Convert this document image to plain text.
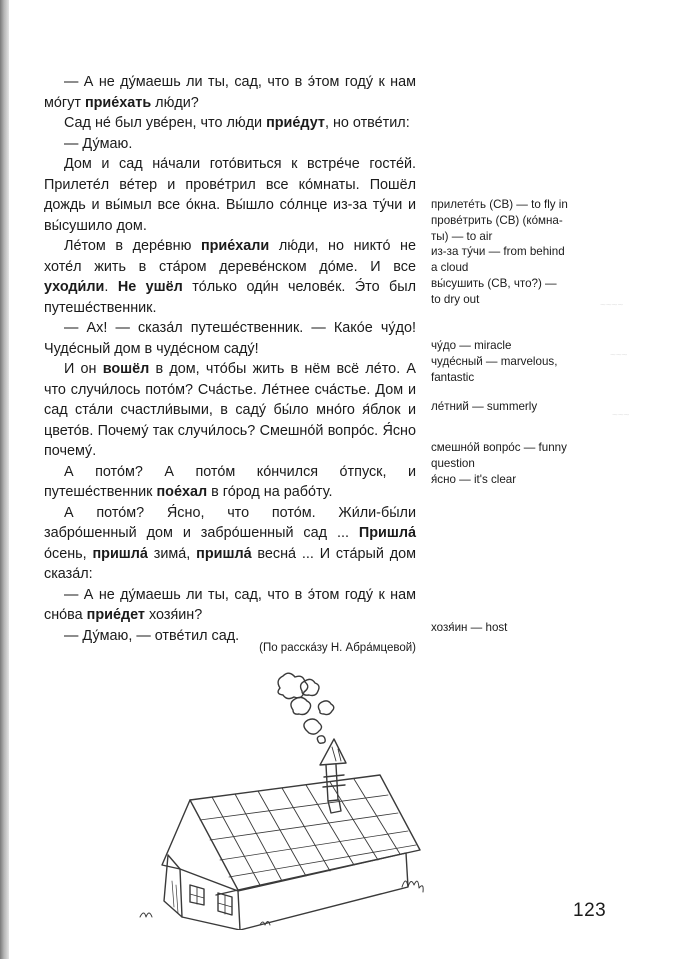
~~~~
~~~
~~~

— А не ду́маешь ли ты, сад, что в э́том году́ к нам мо́гут прие́хать лю́ди?

Сад не́ был уве́рен, что лю́ди прие́дут, но отве́тил:

— Ду́маю.

Дом и сад на́чали гото́виться к встре́че госте́й. Прилете́л ве́тер и прове́трил все ко́мнаты. Пошёл дождь и вы́мыл все о́кна. Вы́шло со́лнце из-за ту́чи и вы́сушило дом.

Ле́том в дере́вню прие́хали лю́ди, но никто́ не хоте́л жить в ста́ром дереве́нском до́ме. И все уходи́ли. Не ушёл то́лько оди́н челове́к. Э́то был путеше́ственник.

— Ах! — сказа́л путеше́ственник. — Како́е чу́до! Чуде́сный дом в чуде́сном саду́!

И он вошёл в дом, что́бы жить в нём всё ле́то. А что случи́лось пото́м? Сча́стье. Ле́тнее сча́стье. Дом и сад ста́ли счастли́выми, в саду́ бы́ло мно́го я́блок и цвето́в. Почему́ так случи́лось? Смешно́й вопро́с. Я́сно почему́.

А пото́м? А пото́м ко́нчился о́тпуск, и путеше́ственник пое́хал в го́род на рабо́ту.

А пото́м? Я́сно, что пото́м. Жи́ли-бы́ли забро́шенный дом и забро́шенный сад ... Пришла́ о́сень, пришла́ зима́, пришла́ весна́ ... И ста́рый дом сказа́л:

— А не ду́маешь ли ты, сад, что в э́том году́ к нам сно́ва прие́дет хозя́ин?

— Ду́маю, — отве́тил сад.

(По расска́зу Н. Абра́мцевой)
прилете́ть (СВ) — to fly in
прове́трить (СВ) (ко́мна-
ты) — to air
из-за ту́чи — from behind
a cloud
вы́сушить (СВ, что?) —
to dry out
чу́до — miracle
чуде́сный — marvelous,
fantastic
ле́тний — summerly
смешно́й вопро́с — funny
question
я́сно — it's clear
хозя́ин — host
123
